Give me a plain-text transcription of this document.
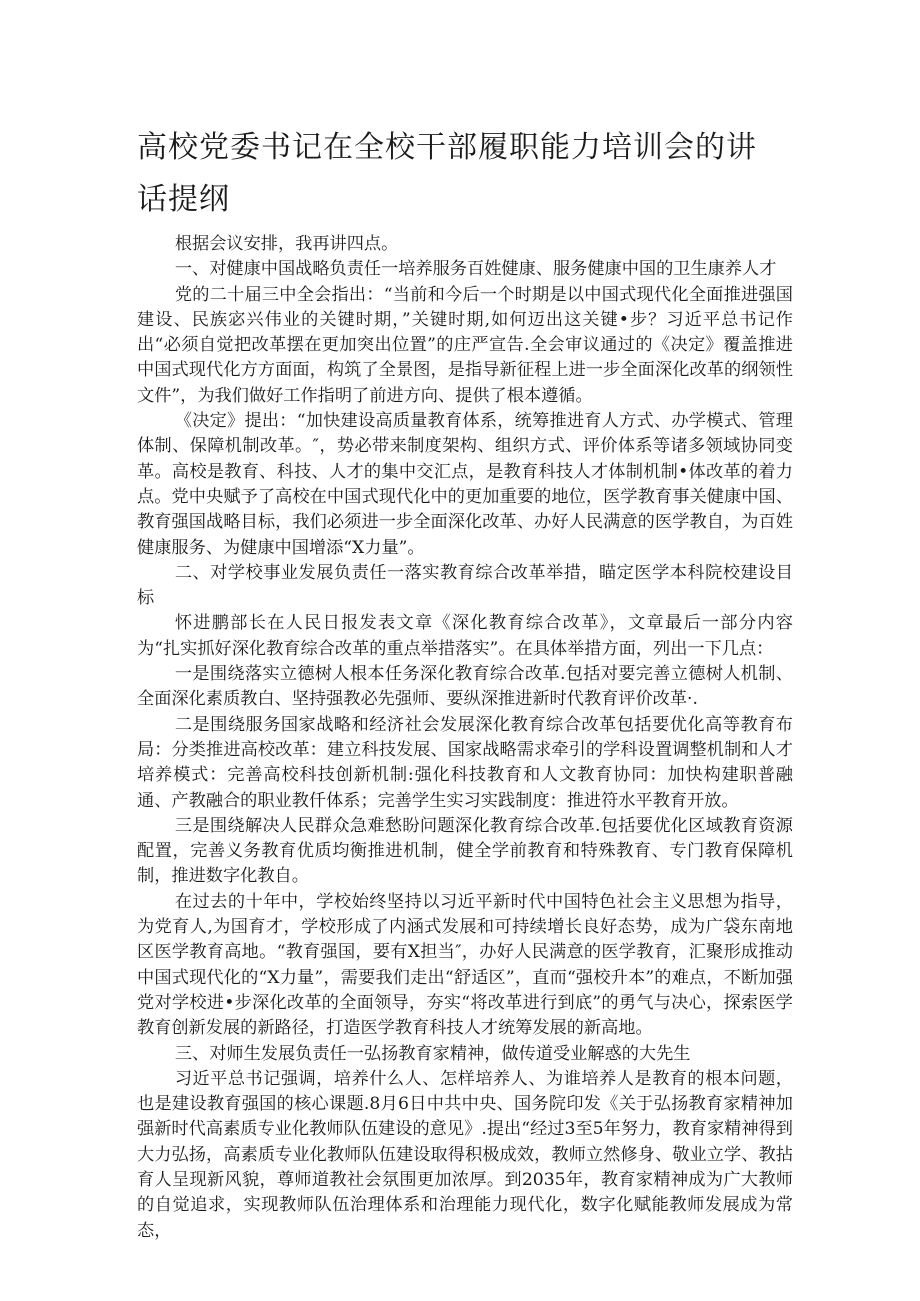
高校党委书记在全校干部履职能力培训会的讲话提纲

根据会议安排，我再讲四点。

一、对健康中国战略负责任一培养服务百姓健康、服务健康中国的卫生康养人才

党的二十届三中全会指出：“当前和今后一个时期是以中国式现代化全面推进强国建设、民族宓兴伟业的关键时期，”关键时期,如何迈出这关键•步？习近平总书记作出“必须自觉把改革摆在更加突出位置”的庄严宣告.全会审议通过的《决定》覆盖推进中国式现代化方方面面，构筑了全景图，是指导新征程上进一步全面深化改革的纲领性文件”，为我们做好工作指明了前进方向、提供了根本遵循。

《决定》提出：“加快建设高质量教育体系，统筹推进育人方式、办学模式、管理体制、保障机制改革。″，势必带来制度架构、组织方式、评价体系等诸多领域协同变革。高校是教育、科技、人才的集中交汇点，是教育科技人才体制机制•体改革的着力点。党中央赋予了高校在中国式现代化中的更加重要的地位，医学教育事关健康中国、教育强国战略目标，我们必须进一步全面深化改革、办好人民满意的医学教自，为百姓健康服务、为健康中国增添“X力量”。

二、对学校事业发展负责任一落实教育综合改革举措，瞄定医学本科院校建设目标

怀进鹏部长在人民日报发表文章《深化教育综合改革》，文章最后一部分内容为“扎实抓好深化教育综合改革的重点举措落实”。在具体举措方面，列出一下几点：

一是围绕落实立德树人根本任务深化教育综合改革.包括对要完善立德树人机制、全面深化素质教白、坚持强教必先强师、要纵深推进新时代教育评价改革·.

二是围绕服务国家战略和经济社会发展深化教育综合改革包括要优化高等教育布局：分类推进高校改革：建立科技发展、国家战略需求牵引的学科设置调整机制和人才培养模式：完善高校科技创新机制:强化科技教育和人文教育协同：加快构建职普融通、产教融合的职业教仟体系；完善学生实习实践制度：推进符水平教育开放。

三是围绕解决人民群众急难愁盼问题深化教育综合改革.包括要优化区域教育资源配置，完善义务教育优质均衡推进机制，健全学前教育和特殊教育、专门教育保障机制，推进数字化教自。

在过去的十年中，学校始终坚持以习近平新时代中国特色社会主义思想为指导，为党育人,为国育才，学校形成了内涵式发展和可持续增长良好态势，成为广袋东南地区医学教育高地。“教育强国，要有X担当″，办好人民满意的医学教育，汇聚形成推动中国式现代化的“X力量”，需要我们走出“舒适区”，直而“强校升本”的难点，不断加强党对学校进•步深化改革的全面领导，夯实“将改革进行到底”的勇气与决心，探索医学教育创新发展的新路径，打造医学教育科技人才统筹发展的新高地。

三、对师生发展负责任一弘扬教育家精神，做传道受业解惑的大先生

习近平总书记强调，培养什么人、怎样培养人、为谁培养人是教育的根本问题，也是建设教育强国的核心课题.8月6日中共中央、国务院印发《关于弘扬教育家精神加强新时代高素质专业化教师队伍建设的意见》.提出“经过3至5年努力，教育家精神得到大力弘扬，高素质专业化教师队伍建设取得积极成效，教师立然修身、敬业立学、教拈育人呈现新风貌，尊师道教社会氛围更加浓厚。到2035年，教育家精神成为广大教师的自觉追求，实现教师队伍治理体系和治理能力现代化，数字化赋能教师发展成为常态，
